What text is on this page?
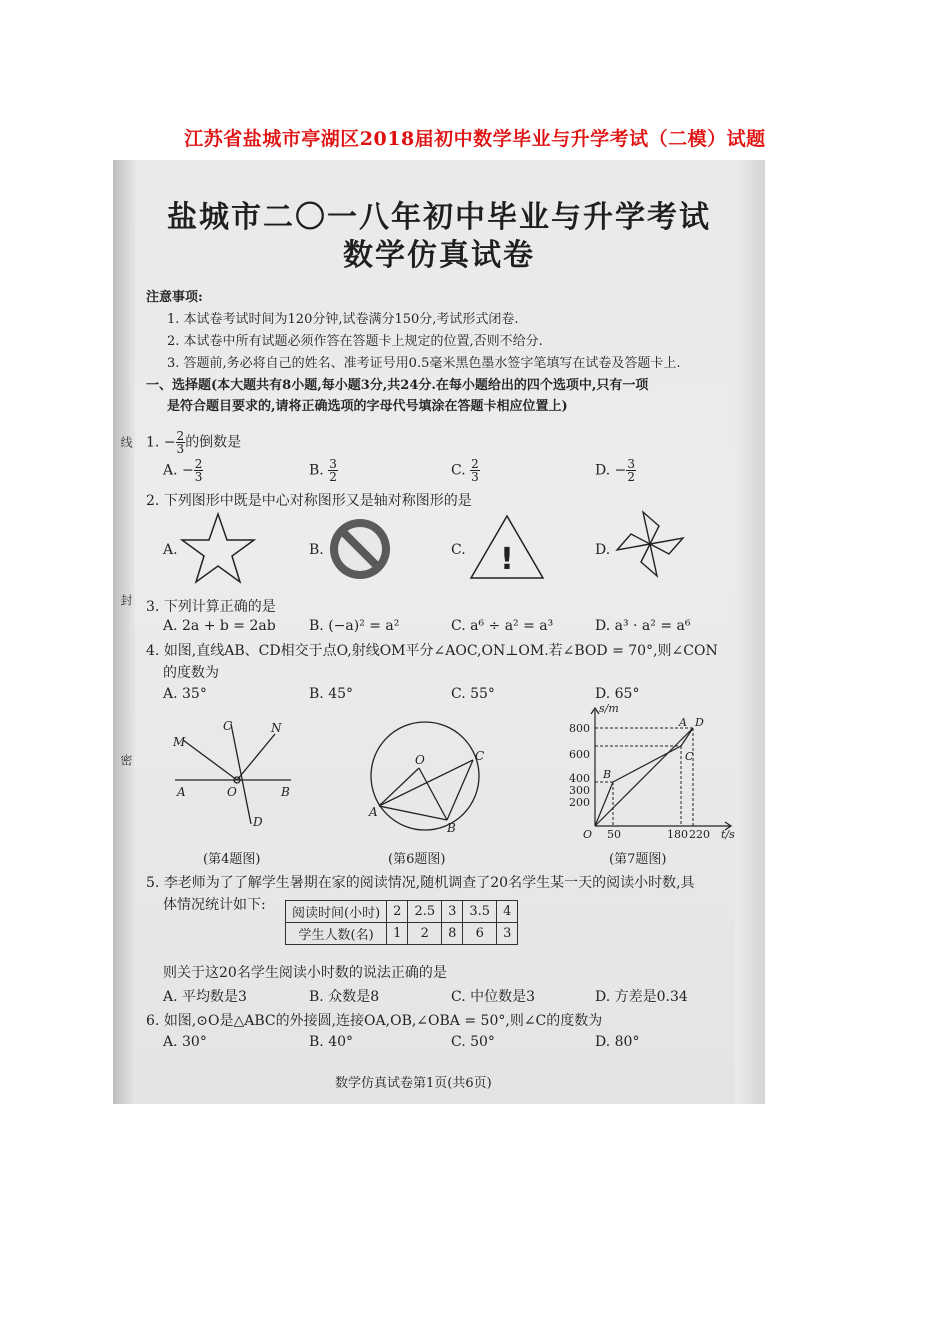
江苏省盐城市亭湖区2018届初中数学毕业与升学考试（二模）试题
线
封
密
盐城市二〇一八年初中毕业与升学考试
数学仿真试卷
注意事项:
1. 本试卷考试时间为120分钟,试卷满分150分,考试形式闭卷.
2. 本试卷中所有试题必须作答在答题卡上规定的位置,否则不给分.
3. 答题前,务必将自己的姓名、准考证号用0.5毫米黑色墨水签字笔填写在试卷及答题卡上.
一、选择题(本大题共有8小题,每小题3分,共24分.在每小题给出的四个选项中,只有一项
是符合题目要求的,请将正确选项的字母代号填涂在答题卡相应位置上)
1. − $\frac{2}{3}$ 的倒数是
A. − $\frac{2}{3}$	B. $\frac{3}{2}$	C. $\frac{2}{3}$	D. − $\frac{3}{2}$
2. 下列图形中既是中心对称图形又是轴对称图形的是
A.	B.	C. !	D.
3. 下列计算正确的是
A. 2a + b = 2ab B. (−a)² = a²	C. a⁶ ÷ a² = a³	D. a³ · a² = a⁶
4. 如图,直线AB、CD相交于点O,射线OM平分∠AOC,ON⊥OM.若∠BOD = 70°,则∠CON
的度数为
A. 35°	B. 45°	C. 55°	D. 65°
M
C	N
A	O	B
D
(第4题图)
O	C
A
B
(第6题图)
s/m
t/s
800
600
400
300
200
50	180 220
O
A D
B
C
(第7题图)
5. 李老师为了了解学生暑期在家的阅读情况,随机调查了20名学生某一天的阅读小时数,具
体情况统计如下:
阅读时间(小时)	2	2.5	3	3.5	4
学生人数(名)	1	2	8	6	3
则关于这20名学生阅读小时数的说法正确的是
A. 平均数是3	B. 众数是8	C. 中位数是3	D. 方差是0.34
6. 如图,⊙O是△ABC的外接圆,连接OA,OB,∠OBA = 50°,则∠C的度数为
A. 30°	B. 40°	C. 50°	D. 80°
数学仿真试卷第1页(共6页)
